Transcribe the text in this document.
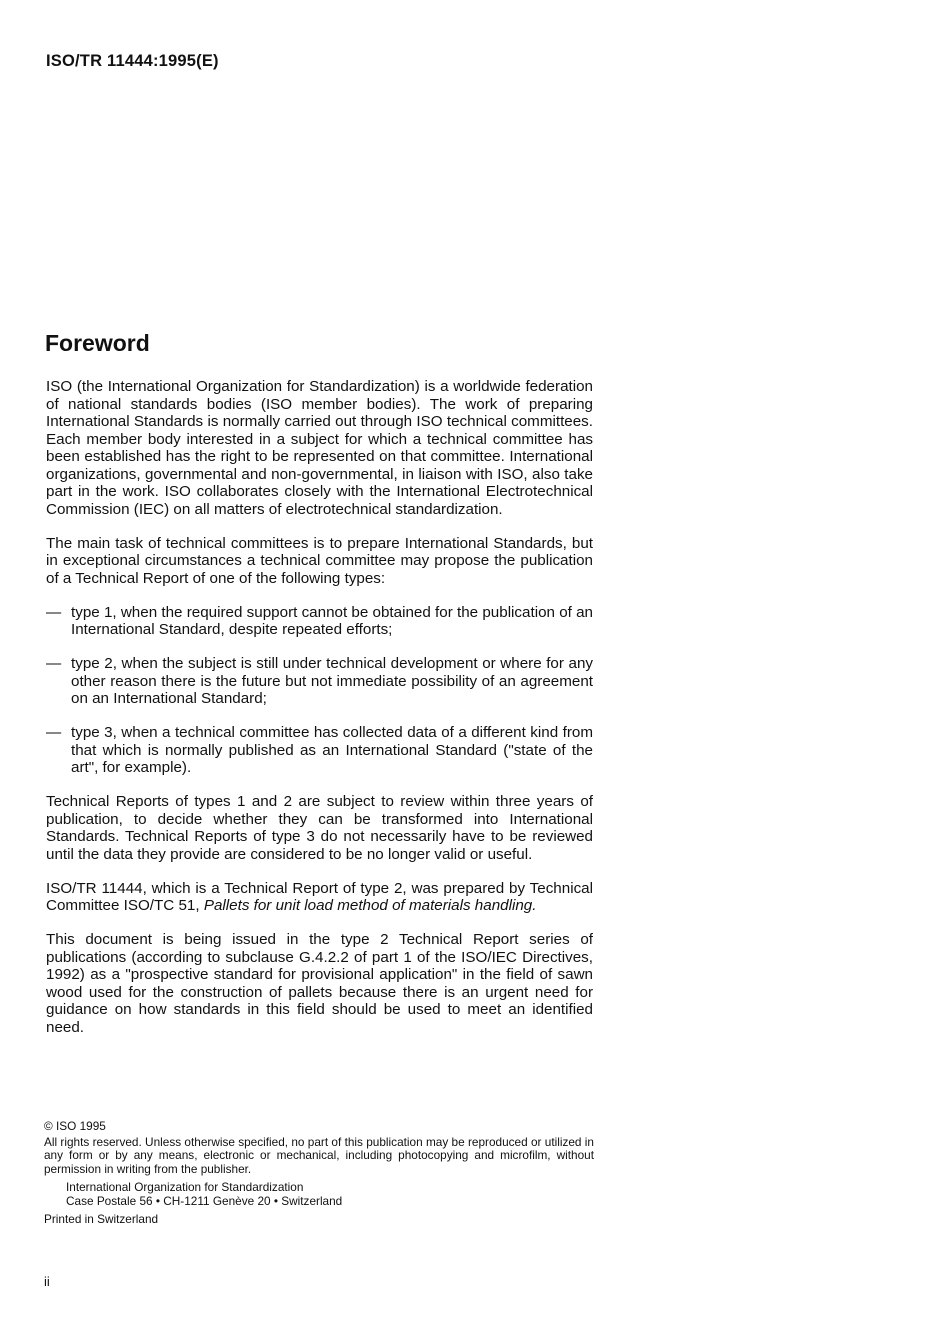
ISO/TR 11444:1995(E)
Foreword

ISO (the International Organization for Standardization) is a worldwide federation of national standards bodies (ISO member bodies). The work of preparing International Standards is normally carried out through ISO technical committees. Each member body interested in a subject for which a technical committee has been established has the right to be represented on that committee. International organizations, governmental and non-governmental, in liaison with ISO, also take part in the work. ISO collaborates closely with the International Electrotechnical Commission (IEC) on all matters of electrotechnical standardization.

The main task of technical committees is to prepare International Standards, but in exceptional circumstances a technical committee may propose the publication of a Technical Report of one of the following types:

— type 1, when the required support cannot be obtained for the publication of an International Standard, despite repeated efforts;
— type 2, when the subject is still under technical development or where for any other reason there is the future but not immediate possibility of an agreement on an International Standard;
— type 3, when a technical committee has collected data of a different kind from that which is normally published as an International Standard ("state of the art", for example).

Technical Reports of types 1 and 2 are subject to review within three years of publication, to decide whether they can be transformed into International Standards. Technical Reports of type 3 do not necessarily have to be reviewed until the data they provide are considered to be no longer valid or useful.

ISO/TR 11444, which is a Technical Report of type 2, was prepared by Technical Committee ISO/TC 51, Pallets for unit load method of materials handling.

This document is being issued in the type 2 Technical Report series of publications (according to subclause G.4.2.2 of part 1 of the ISO/IEC Directives, 1992) as a "prospective standard for provisional application" in the field of sawn wood used for the construction of pallets because there is an urgent need for guidance on how standards in this field should be used to meet an identified need.

© ISO 1995
All rights reserved. Unless otherwise specified, no part of this publication may be reproduced or utilized in any form or by any means, electronic or mechanical, including photocopying and microfilm, without permission in writing from the publisher.
International Organization for Standardization
Case Postale 56 • CH-1211 Genève 20 • Switzerland
Printed in Switzerland
ii
